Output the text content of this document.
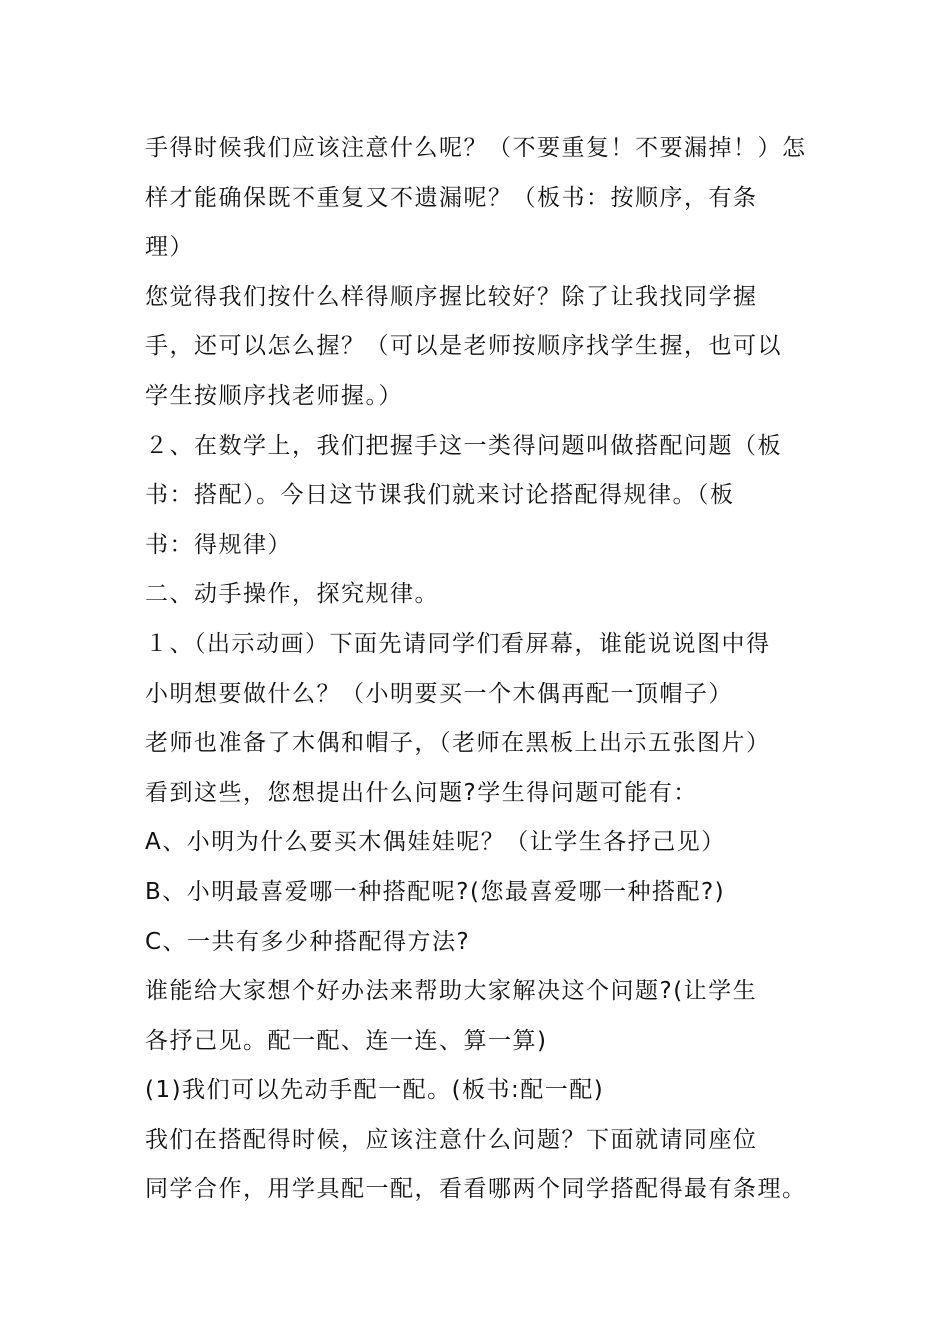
手得时候我们应该注意什么呢？（不要重复！不要漏掉！）怎
样才能确保既不重复又不遗漏呢？（板书：按顺序，有条
理）
您觉得我们按什么样得顺序握比较好？除了让我找同学握
手，还可以怎么握？（可以是老师按顺序找学生握，也可以
学生按顺序找老师握。）
２、在数学上，我们把握手这一类得问题叫做搭配问题（板
书：搭配）。今日这节课我们就来讨论搭配得规律。（板
书：得规律）
二、动手操作，探究规律。
１、（出示动画）下面先请同学们看屏幕，谁能说说图中得
小明想要做什么？（小明要买一个木偶再配一顶帽子）
老师也准备了木偶和帽子，（老师在黑板上出示五张图片）
看到这些，您想提出什么问题?学生得问题可能有：
A、小明为什么要买木偶娃娃呢？（让学生各抒己见）
B、小明最喜爱哪一种搭配呢?(您最喜爱哪一种搭配?)
C、一共有多少种搭配得方法?
谁能给大家想个好办法来帮助大家解决这个问题?(让学生
各抒己见。配一配、连一连、算一算)
(1)我们可以先动手配一配。(板书:配一配)
我们在搭配得时候，应该注意什么问题？下面就请同座位
同学合作，用学具配一配，看看哪两个同学搭配得最有条理。
